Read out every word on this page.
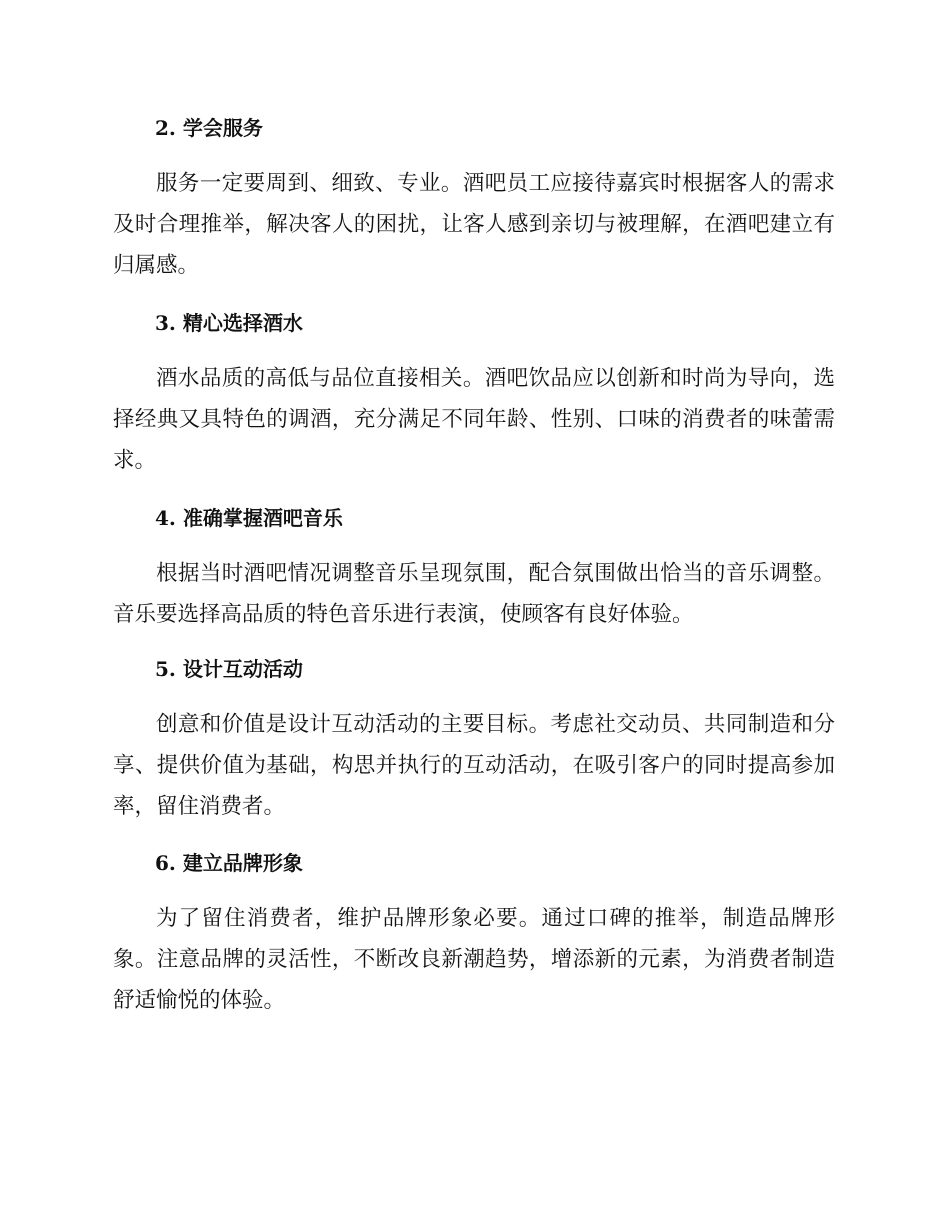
2. 学会服务

服务一定要周到、细致、专业。酒吧员工应接待嘉宾时根据客人的需求及时合理推举，解决客人的困扰，让客人感到亲切与被理解，在酒吧建立有归属感。

3. 精心选择酒水

酒水品质的高低与品位直接相关。酒吧饮品应以创新和时尚为导向，选择经典又具特色的调酒，充分满足不同年龄、性别、口味的消费者的味蕾需求。

4. 准确掌握酒吧音乐

根据当时酒吧情况调整音乐呈现氛围，配合氛围做出恰当的音乐调整。音乐要选择高品质的特色音乐进行表演，使顾客有良好体验。

5. 设计互动活动

创意和价值是设计互动活动的主要目标。考虑社交动员、共同制造和分享、提供价值为基础，构思并执行的互动活动，在吸引客户的同时提高参加率，留住消费者。

6. 建立品牌形象

为了留住消费者，维护品牌形象必要。通过口碑的推举，制造品牌形象。注意品牌的灵活性，不断改良新潮趋势，增添新的元素，为消费者制造舒适愉悦的体验。
